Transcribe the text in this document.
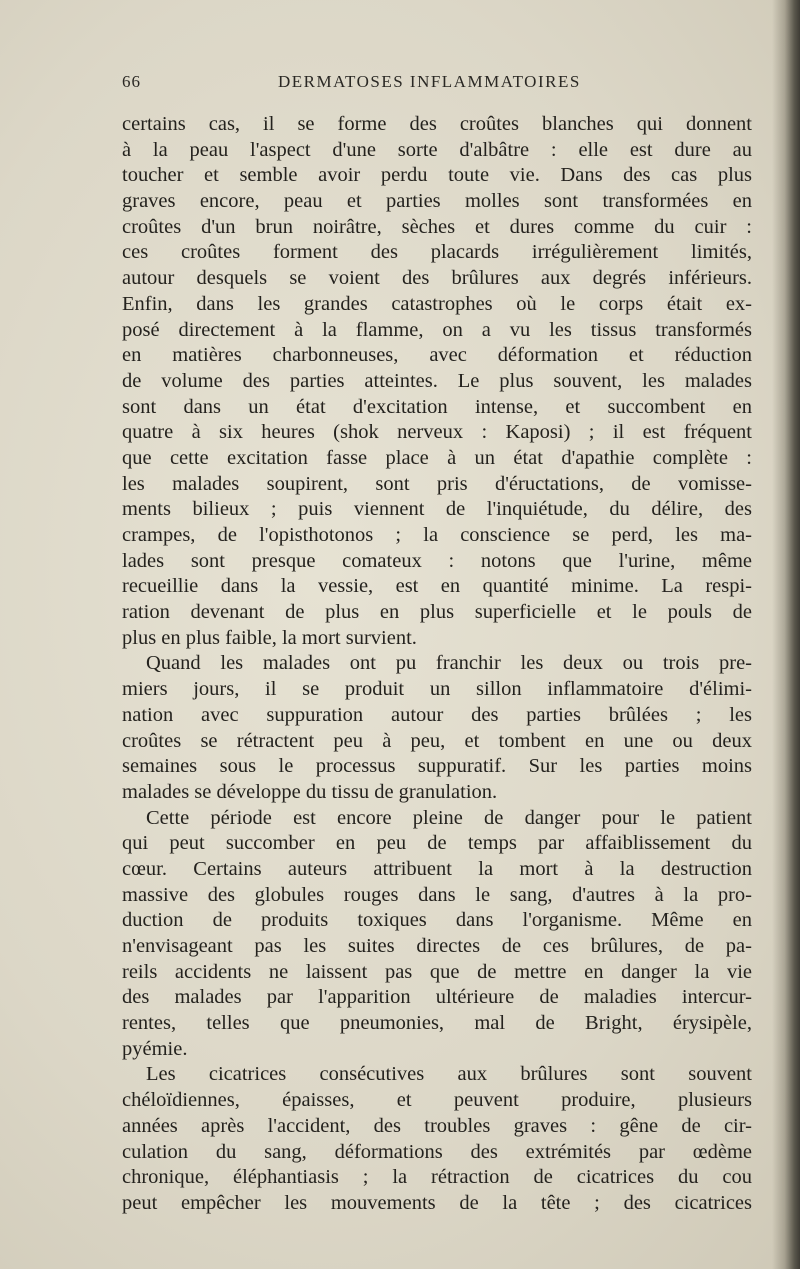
66	DERMATOSES INFLAMMATOIRES
certains cas, il se forme des croûtes blanches qui donnent
à la peau l'aspect d'une sorte d'albâtre : elle est dure au
toucher et semble avoir perdu toute vie. Dans des cas plus
graves encore, peau et parties molles sont transformées en
croûtes d'un brun noirâtre, sèches et dures comme du cuir :
ces croûtes forment des placards irrégulièrement limités,
autour desquels se voient des brûlures aux degrés inférieurs.
Enfin, dans les grandes catastrophes où le corps était ex-
posé directement à la flamme, on a vu les tissus transformés
en matières charbonneuses, avec déformation et réduction
de volume des parties atteintes. Le plus souvent, les malades
sont dans un état d'excitation intense, et succombent en
quatre à six heures (shok nerveux : Kaposi) ; il est fréquent
que cette excitation fasse place à un état d'apathie complète :
les malades soupirent, sont pris d'éructations, de vomisse-
ments bilieux ; puis viennent de l'inquiétude, du délire, des
crampes, de l'opisthotonos ; la conscience se perd, les ma-
lades sont presque comateux : notons que l'urine, même
recueillie dans la vessie, est en quantité minime. La respi-
ration devenant de plus en plus superficielle et le pouls de
plus en plus faible, la mort survient.
Quand les malades ont pu franchir les deux ou trois pre-
miers jours, il se produit un sillon inflammatoire d'élimi-
nation avec suppuration autour des parties brûlées ; les
croûtes se rétractent peu à peu, et tombent en une ou deux
semaines sous le processus suppuratif. Sur les parties moins
malades se développe du tissu de granulation.
Cette période est encore pleine de danger pour le patient
qui peut succomber en peu de temps par affaiblissement du
cœur. Certains auteurs attribuent la mort à la destruction
massive des globules rouges dans le sang, d'autres à la pro-
duction de produits toxiques dans l'organisme. Même en
n'envisageant pas les suites directes de ces brûlures, de pa-
reils accidents ne laissent pas que de mettre en danger la vie
des malades par l'apparition ultérieure de maladies intercur-
rentes, telles que pneumonies, mal de Bright, érysipèle,
pyémie.
Les cicatrices consécutives aux brûlures sont souvent
chéloïdiennes, épaisses, et peuvent produire, plusieurs
années après l'accident, des troubles graves : gêne de cir-
culation du sang, déformations des extrémités par œdème
chronique, éléphantiasis ; la rétraction de cicatrices du cou
peut empêcher les mouvements de la tête ; des cicatrices
